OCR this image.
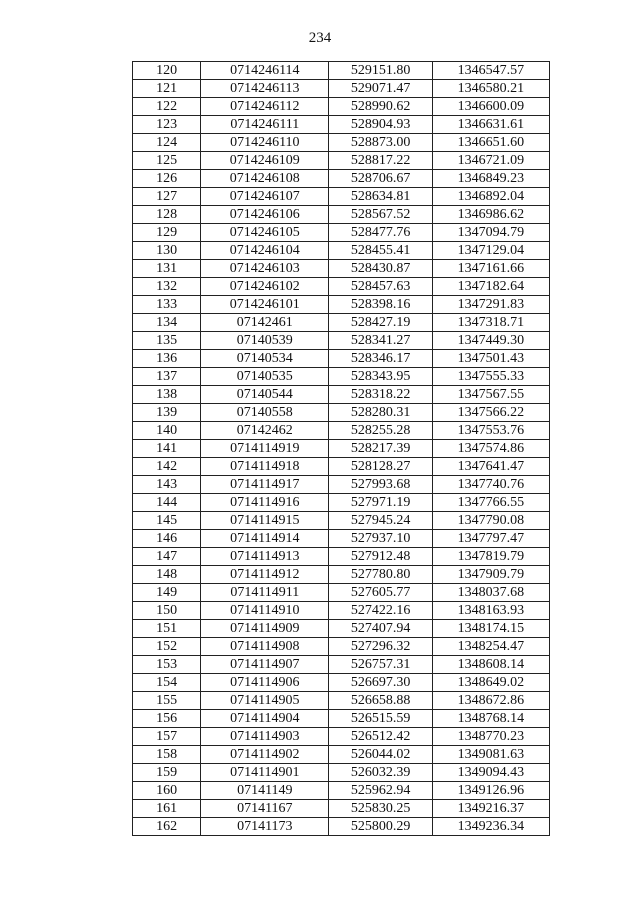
234
120	0714246114	529151.80	1346547.57
121	0714246113	529071.47	1346580.21
122	0714246112	528990.62	1346600.09
123	0714246111	528904.93	1346631.61
124	0714246110	528873.00	1346651.60
125	0714246109	528817.22	1346721.09
126	0714246108	528706.67	1346849.23
127	0714246107	528634.81	1346892.04
128	0714246106	528567.52	1346986.62
129	0714246105	528477.76	1347094.79
130	0714246104	528455.41	1347129.04
131	0714246103	528430.87	1347161.66
132	0714246102	528457.63	1347182.64
133	0714246101	528398.16	1347291.83
134	07142461	528427.19	1347318.71
135	07140539	528341.27	1347449.30
136	07140534	528346.17	1347501.43
137	07140535	528343.95	1347555.33
138	07140544	528318.22	1347567.55
139	07140558	528280.31	1347566.22
140	07142462	528255.28	1347553.76
141	0714114919	528217.39	1347574.86
142	0714114918	528128.27	1347641.47
143	0714114917	527993.68	1347740.76
144	0714114916	527971.19	1347766.55
145	0714114915	527945.24	1347790.08
146	0714114914	527937.10	1347797.47
147	0714114913	527912.48	1347819.79
148	0714114912	527780.80	1347909.79
149	0714114911	527605.77	1348037.68
150	0714114910	527422.16	1348163.93
151	0714114909	527407.94	1348174.15
152	0714114908	527296.32	1348254.47
153	0714114907	526757.31	1348608.14
154	0714114906	526697.30	1348649.02
155	0714114905	526658.88	1348672.86
156	0714114904	526515.59	1348768.14
157	0714114903	526512.42	1348770.23
158	0714114902	526044.02	1349081.63
159	0714114901	526032.39	1349094.43
160	07141149	525962.94	1349126.96
161	07141167	525830.25	1349216.37
162	07141173	525800.29	1349236.34
